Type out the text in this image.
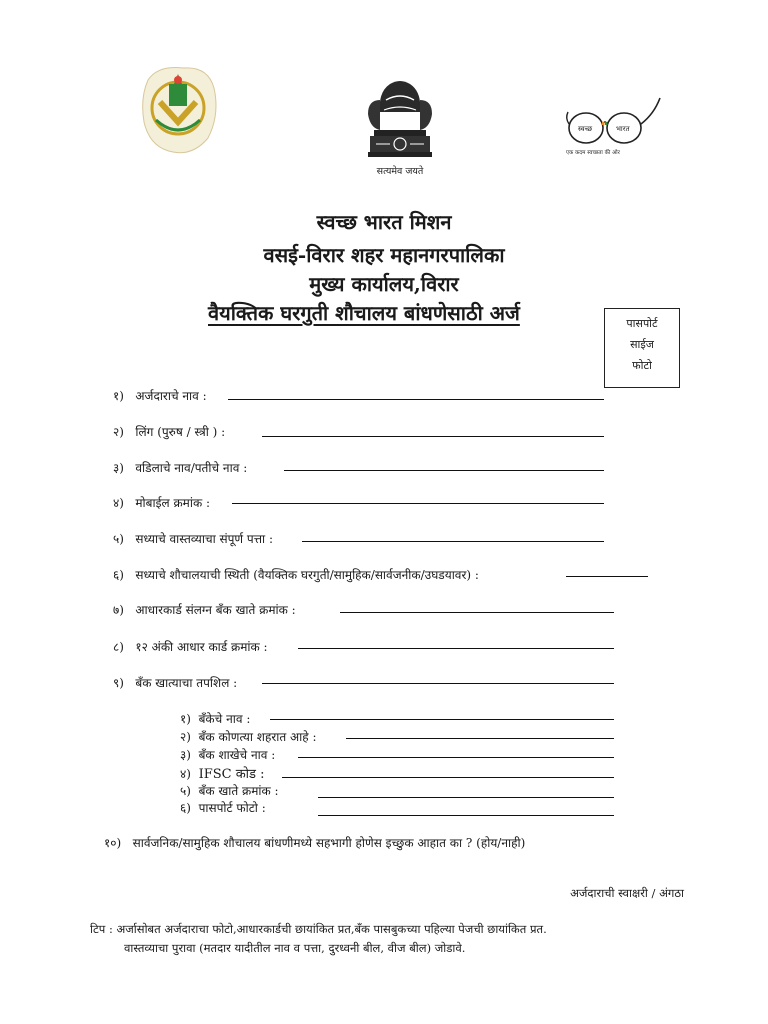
सत्यमेव जयते
स्वच्छ	भारत
एक कदम स्वच्छता की ओर
स्वच्छ भारत मिशन
वसई-विरार शहर महानगरपालिका
मुख्य कार्यालय,विरार
वैयक्तिक घरगुती शौचालय बांधणेसाठी अर्ज	पासपोर्ट
साईज
फोटो
१) अर्जदाराचे नाव :
२) लिंग (पुरुष / स्त्री ) :
३) वडिलाचे नाव/पतीचे नाव :
४) मोबाईल क्रमांक :
५) सध्याचे वास्तव्याचा संपूर्ण पत्ता :
६) सध्याचे शौचालयाची स्थिती (वैयक्तिक घरगुती/सामुहिक/सार्वजनीक/उघडयावर) :
७) आधारकार्ड संलग्न बँक खाते क्रमांक :
८) १२ अंकी आधार कार्ड क्रमांक :
९) बँक खात्याचा तपशिल :
१) बँकेचे नाव :
२) बँक कोणत्या शहरात आहे :
३) बँक शाखेचे नाव :
४) IFSC कोड :
५) बँक खाते क्रमांक :
६) पासपोर्ट फोटो :
१०) सार्वजनिक/सामुहिक शौचालय बांधणीमध्ये सहभागी होणेस इच्छुक आहात का ? (होय/नाही)
अर्जदाराची स्वाक्षरी / अंगठा
टिप : अर्जासोबत अर्जदाराचा फोटो,आधारकार्डची छायांकित प्रत,बँक पासबुकच्या पहिल्या पेजची छायांकित प्रत.
वास्तव्याचा पुरावा (मतदार यादीतील नाव व पत्ता, दुरध्वनी बील, वीज बील) जोडावे.
